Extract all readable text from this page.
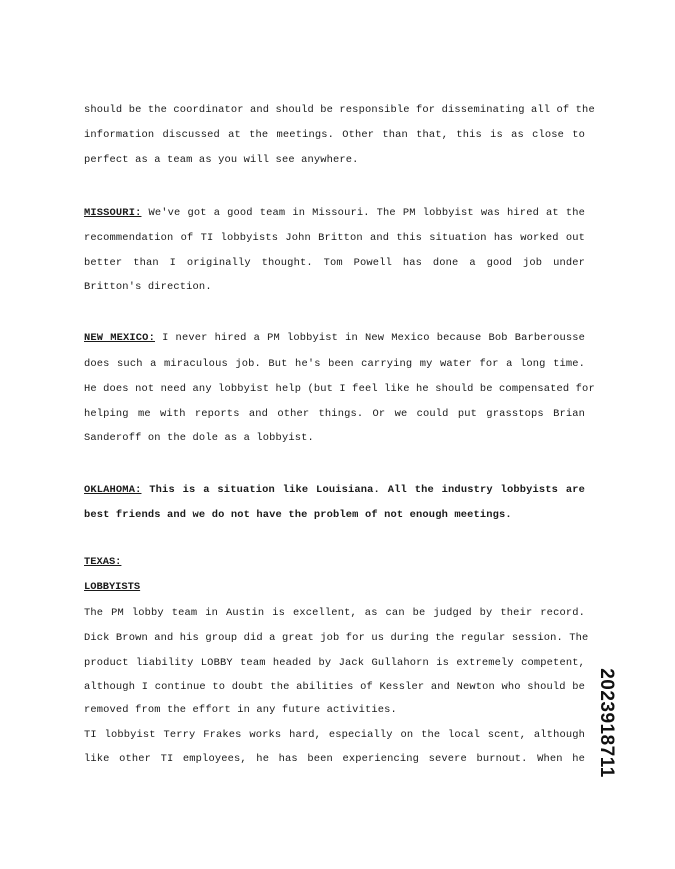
should be the coordinator and should be responsible for disseminating all of the
information discussed at the meetings. Other than that, this is as close to
perfect as a team as you will see anywhere.
MISSOURI: We've got a good team in Missouri. The PM lobbyist was hired at the
recommendation of TI lobbyists John Britton and this situation has worked out
better than I originally thought. Tom Powell has done a good job under
Britton's direction.
NEW MEXICO: I never hired a PM lobbyist in New Mexico because Bob Barberousse
does such a miraculous job. But he's been carrying my water for a long time.
He does not need any lobbyist help (but I feel like he should be compensated for
helping me with reports and other things. Or we could put grasstops Brian
Sanderoff on the dole as a lobbyist.
OKLAHOMA: This is a situation like Louisiana. All the industry lobbyists are
best friends and we do not have the problem of not enough meetings.
TEXAS:
LOBBYISTS
The PM lobby team in Austin is excellent, as can be judged by their record.
Dick Brown and his group did a great job for us during the regular session. The
product liability LOBBY team headed by Jack Gullahorn is extremely competent,
although I continue to doubt the abilities of Kessler and Newton who should be
removed from the effort in any future activities.
TI lobbyist Terry Frakes works hard, especially on the local scent, although
like other TI employees, he has been experiencing severe burnout. When he 2023918711
